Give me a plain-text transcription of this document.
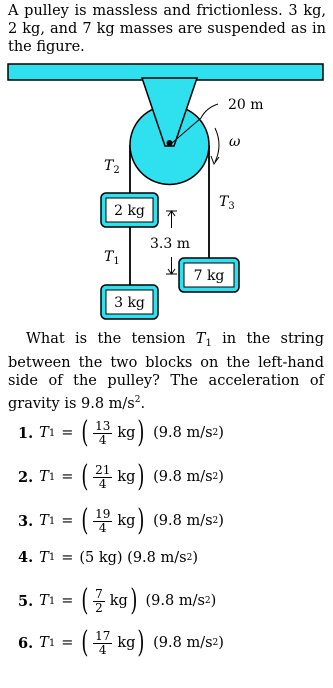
A pulley is massless and frictionless. 3 kg, 2 kg, and 7 kg masses are suspended as in the figure.
20 m
ω
$T_2$
$T_3$
$T_1$
2 kg
3 kg
7 kg
3.3 m
What is the tension $T_1$ in the string between the two blocks on the left-hand side of the pulley? The acceleration of gravity is 9.8 $m/s^2$.
1. T 1 = ( $\frac{13}{4}$ kg ) (9.8 m/s 2 )
2. T 1 = ( $\frac{21}{4}$ kg ) (9.8 m/s 2 )
3. T 1 = ( $\frac{19}{4}$ kg ) (9.8 m/s 2 )
4. T 1 = (5 kg) (9.8 m/s 2 )
5. T 1 = ( $\frac{7}{2}$ kg ) (9.8 m/s 2 )
6. T 1 = ( $\frac{17}{4}$ kg ) (9.8 m/s 2 )
